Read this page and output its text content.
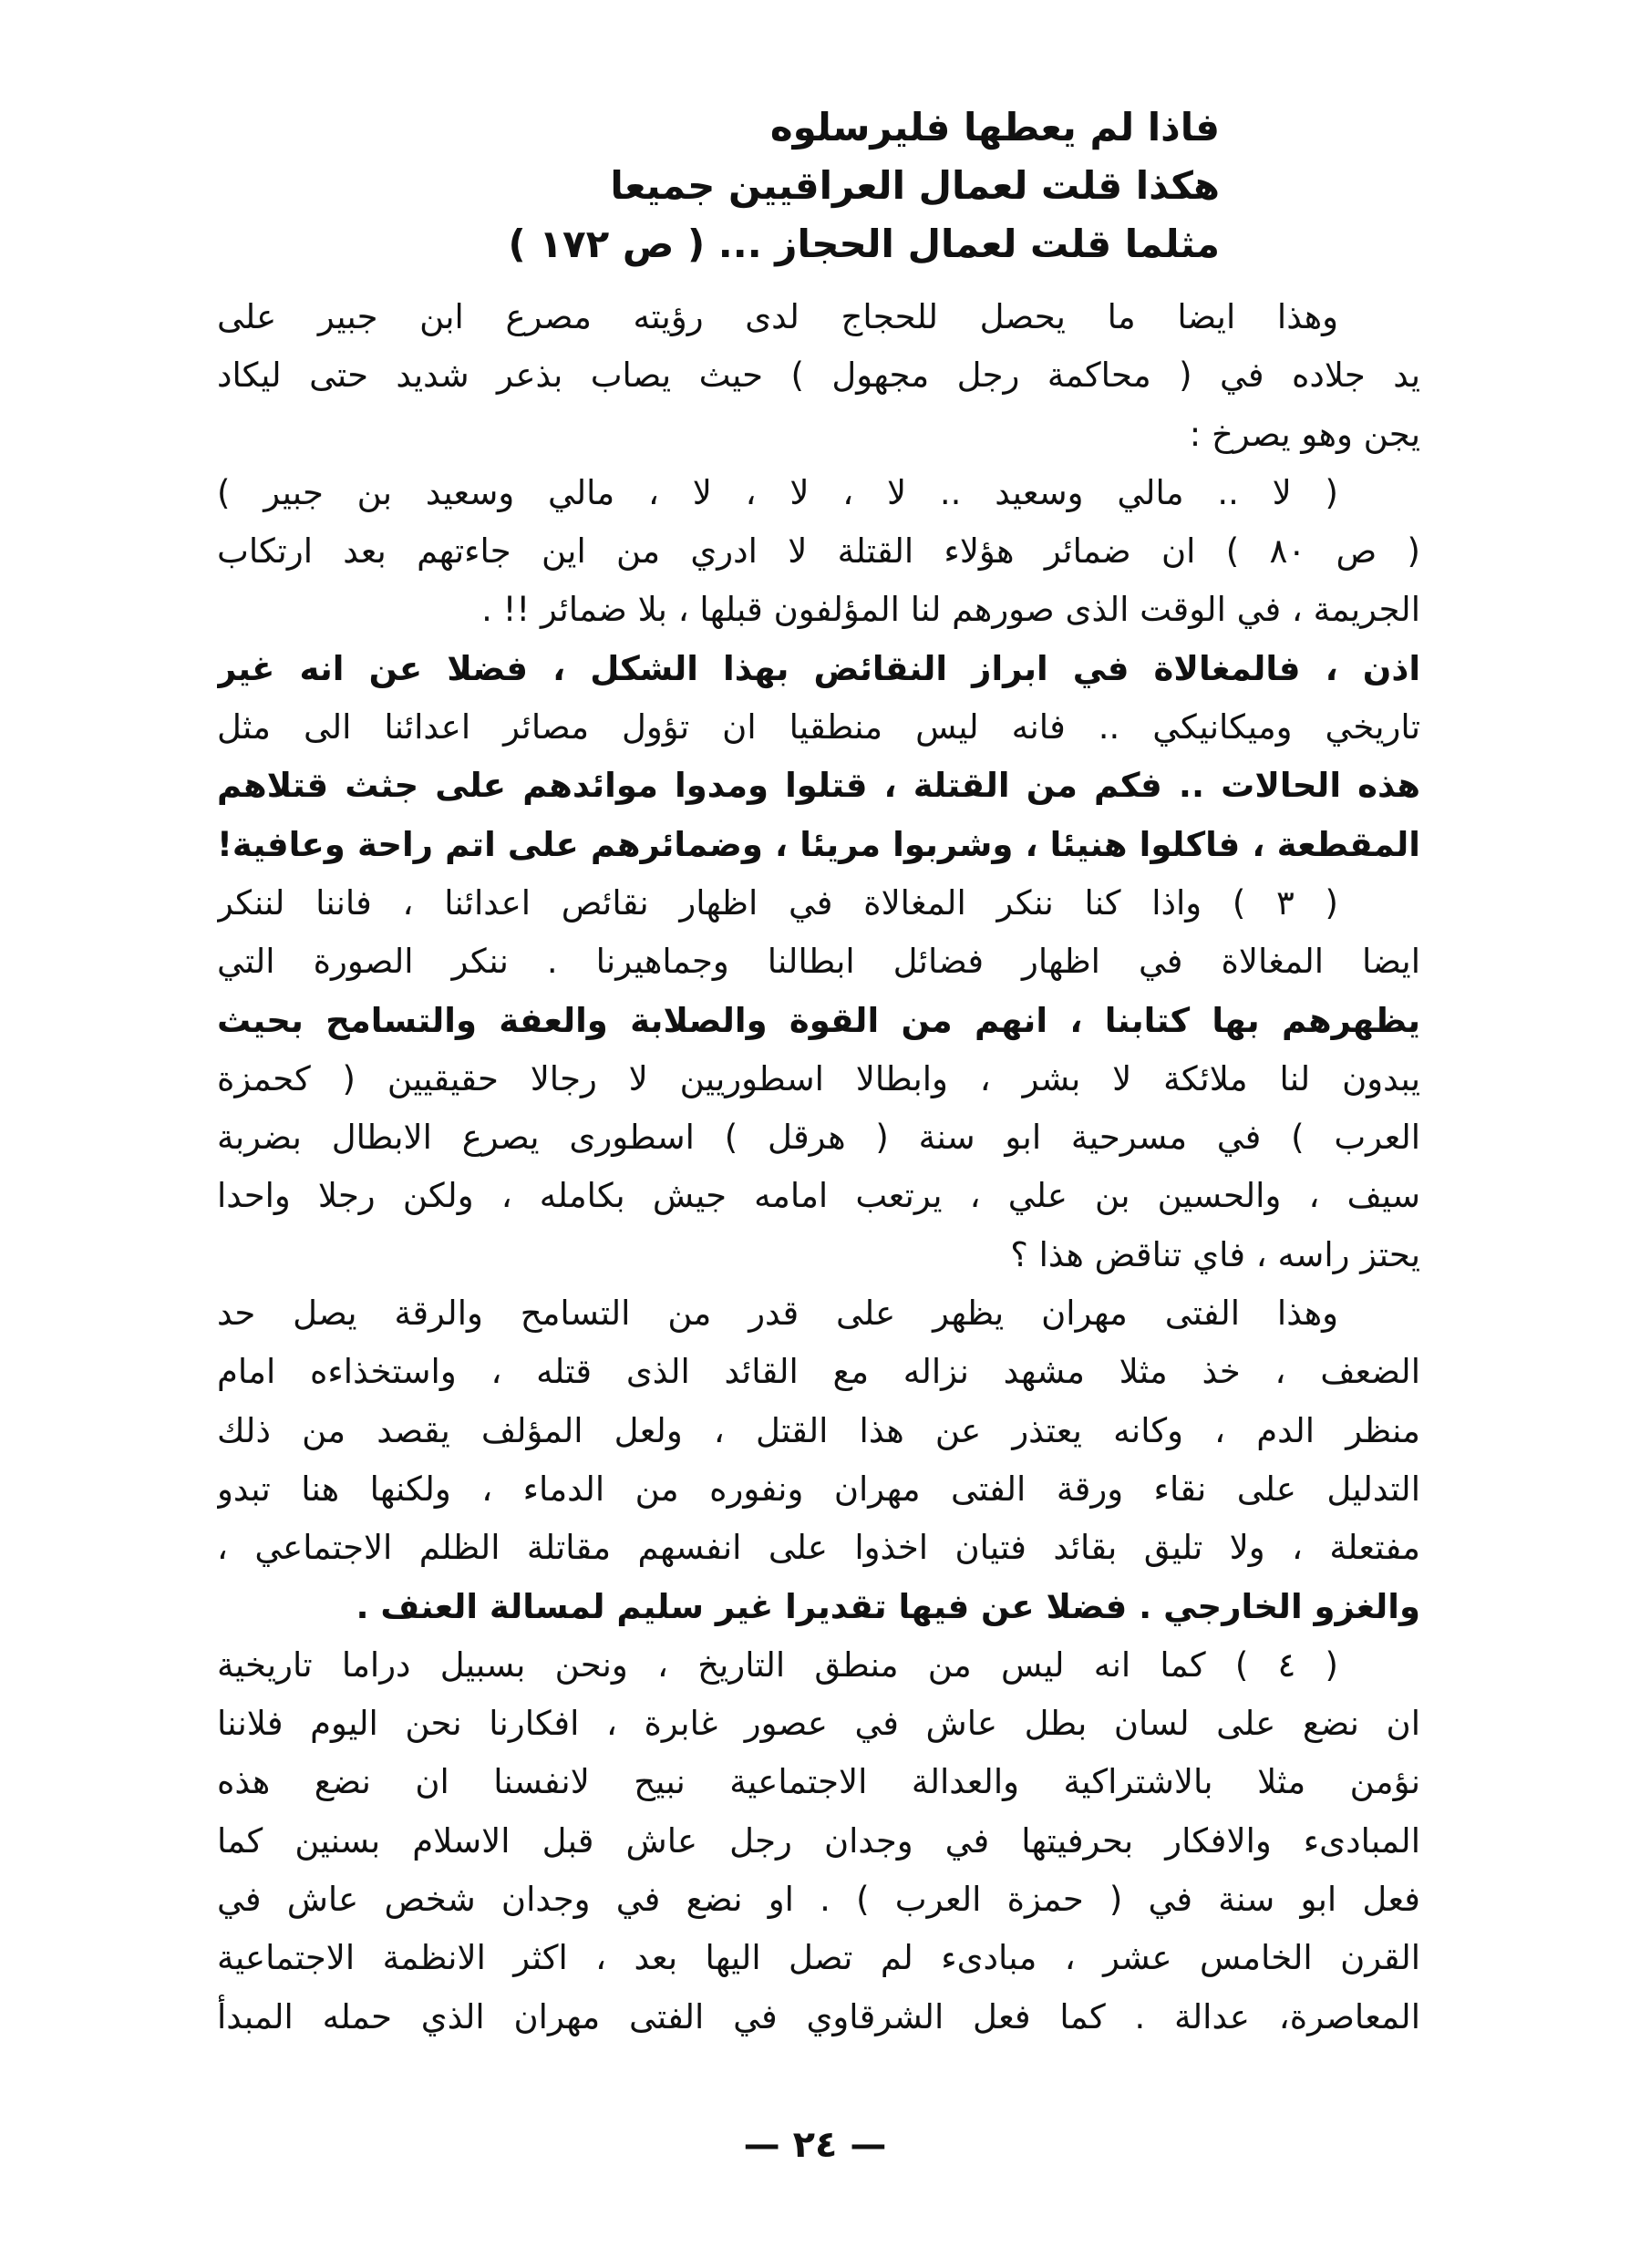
فاذا لم يعطها فليرسلوه
هكذا قلت لعمال العراقيين جميعا
مثلما قلت لعمال الحجاز ... ( ص ١٧٢ )
وهذا ايضا ما يحصل للحجاج لدى رؤيته مصرع ابن جبير على
يد جلاده في ( محاكمة رجل مجهول ) حيث يصاب بذعر شديد حتى ليكاد
يجن وهو يصرخ :
( لا .. مالي وسعيد .. لا ، لا ، لا ، مالي وسعيد بن جبير )
( ص ٨٠ ) ان ضمائر هؤلاء القتلة لا ادري من اين جاءتهم بعد ارتكاب
الجريمة ، في الوقت الذى صورهم لنا المؤلفون قبلها ، بلا ضمائر !! .
اذن ، فالمغالاة في ابراز النقائض بهذا الشكل ، فضلا عن انه غير
تاريخي وميكانيكي .. فانه ليس منطقيا ان تؤول مصائر اعدائنا الى مثل
هذه الحالات .. فكم من القتلة ، قتلوا ومدوا موائدهم على جثث قتلاهم
المقطعة ، فاكلوا هنيئا ، وشربوا مريئا ، وضمائرهم على اتم راحة وعافية!
( ٣ ) واذا كنا ننكر المغالاة في اظهار نقائص اعدائنا ، فاننا لننكر
ايضا المغالاة في اظهار فضائل ابطالنا وجماهيرنا . ننكر الصورة التي
يظهرهم بها كتابنا ، انهم من القوة والصلابة والعفة والتسامح بحيث
يبدون لنا ملائكة لا بشر ، وابطالا اسطوريين لا رجالا حقيقيين ( كحمزة
العرب ) في مسرحية ابو سنة ( هرقل ) اسطورى يصرع الابطال بضربة
سيف ، والحسين بن علي ، يرتعب امامه جيش بكامله ، ولكن رجلا واحدا
يحتز راسه ، فاي تناقض هذا ؟
وهذا الفتى مهران يظهر على قدر من التسامح والرقة يصل حد
الضعف ، خذ مثلا مشهد نزاله مع القائد الذى قتله ، واستخذاءه امام
منظر الدم ، وكانه يعتذر عن هذا القتل ، ولعل المؤلف يقصد من ذلك
التدليل على نقاء ورقة الفتى مهران ونفوره من الدماء ، ولكنها هنا تبدو
مفتعلة ، ولا تليق بقائد فتيان اخذوا على انفسهم مقاتلة الظلم الاجتماعي ،
والغزو الخارجي . فضلا عن فيها تقديرا غير سليم لمسالة العنف .
( ٤ ) كما انه ليس من منطق التاريخ ، ونحن بسبيل دراما تاريخية
ان نضع على لسان بطل عاش في عصور غابرة ، افكارنا نحن اليوم فلاننا
نؤمن مثلا بالاشتراكية والعدالة الاجتماعية نبيح لانفسنا ان نضع هذه
المبادىء والافكار بحرفيتها في وجدان رجل عاش قبل الاسلام بسنين كما
فعل ابو سنة في ( حمزة العرب ) . او نضع في وجدان شخص عاش في
القرن الخامس عشر ، مبادىء لم تصل اليها بعد ، اكثر الانظمة الاجتماعية
المعاصرة، عدالة . كما فعل الشرقاوي في الفتى مهران الذي حمله المبدأ
— ٢٤ —
